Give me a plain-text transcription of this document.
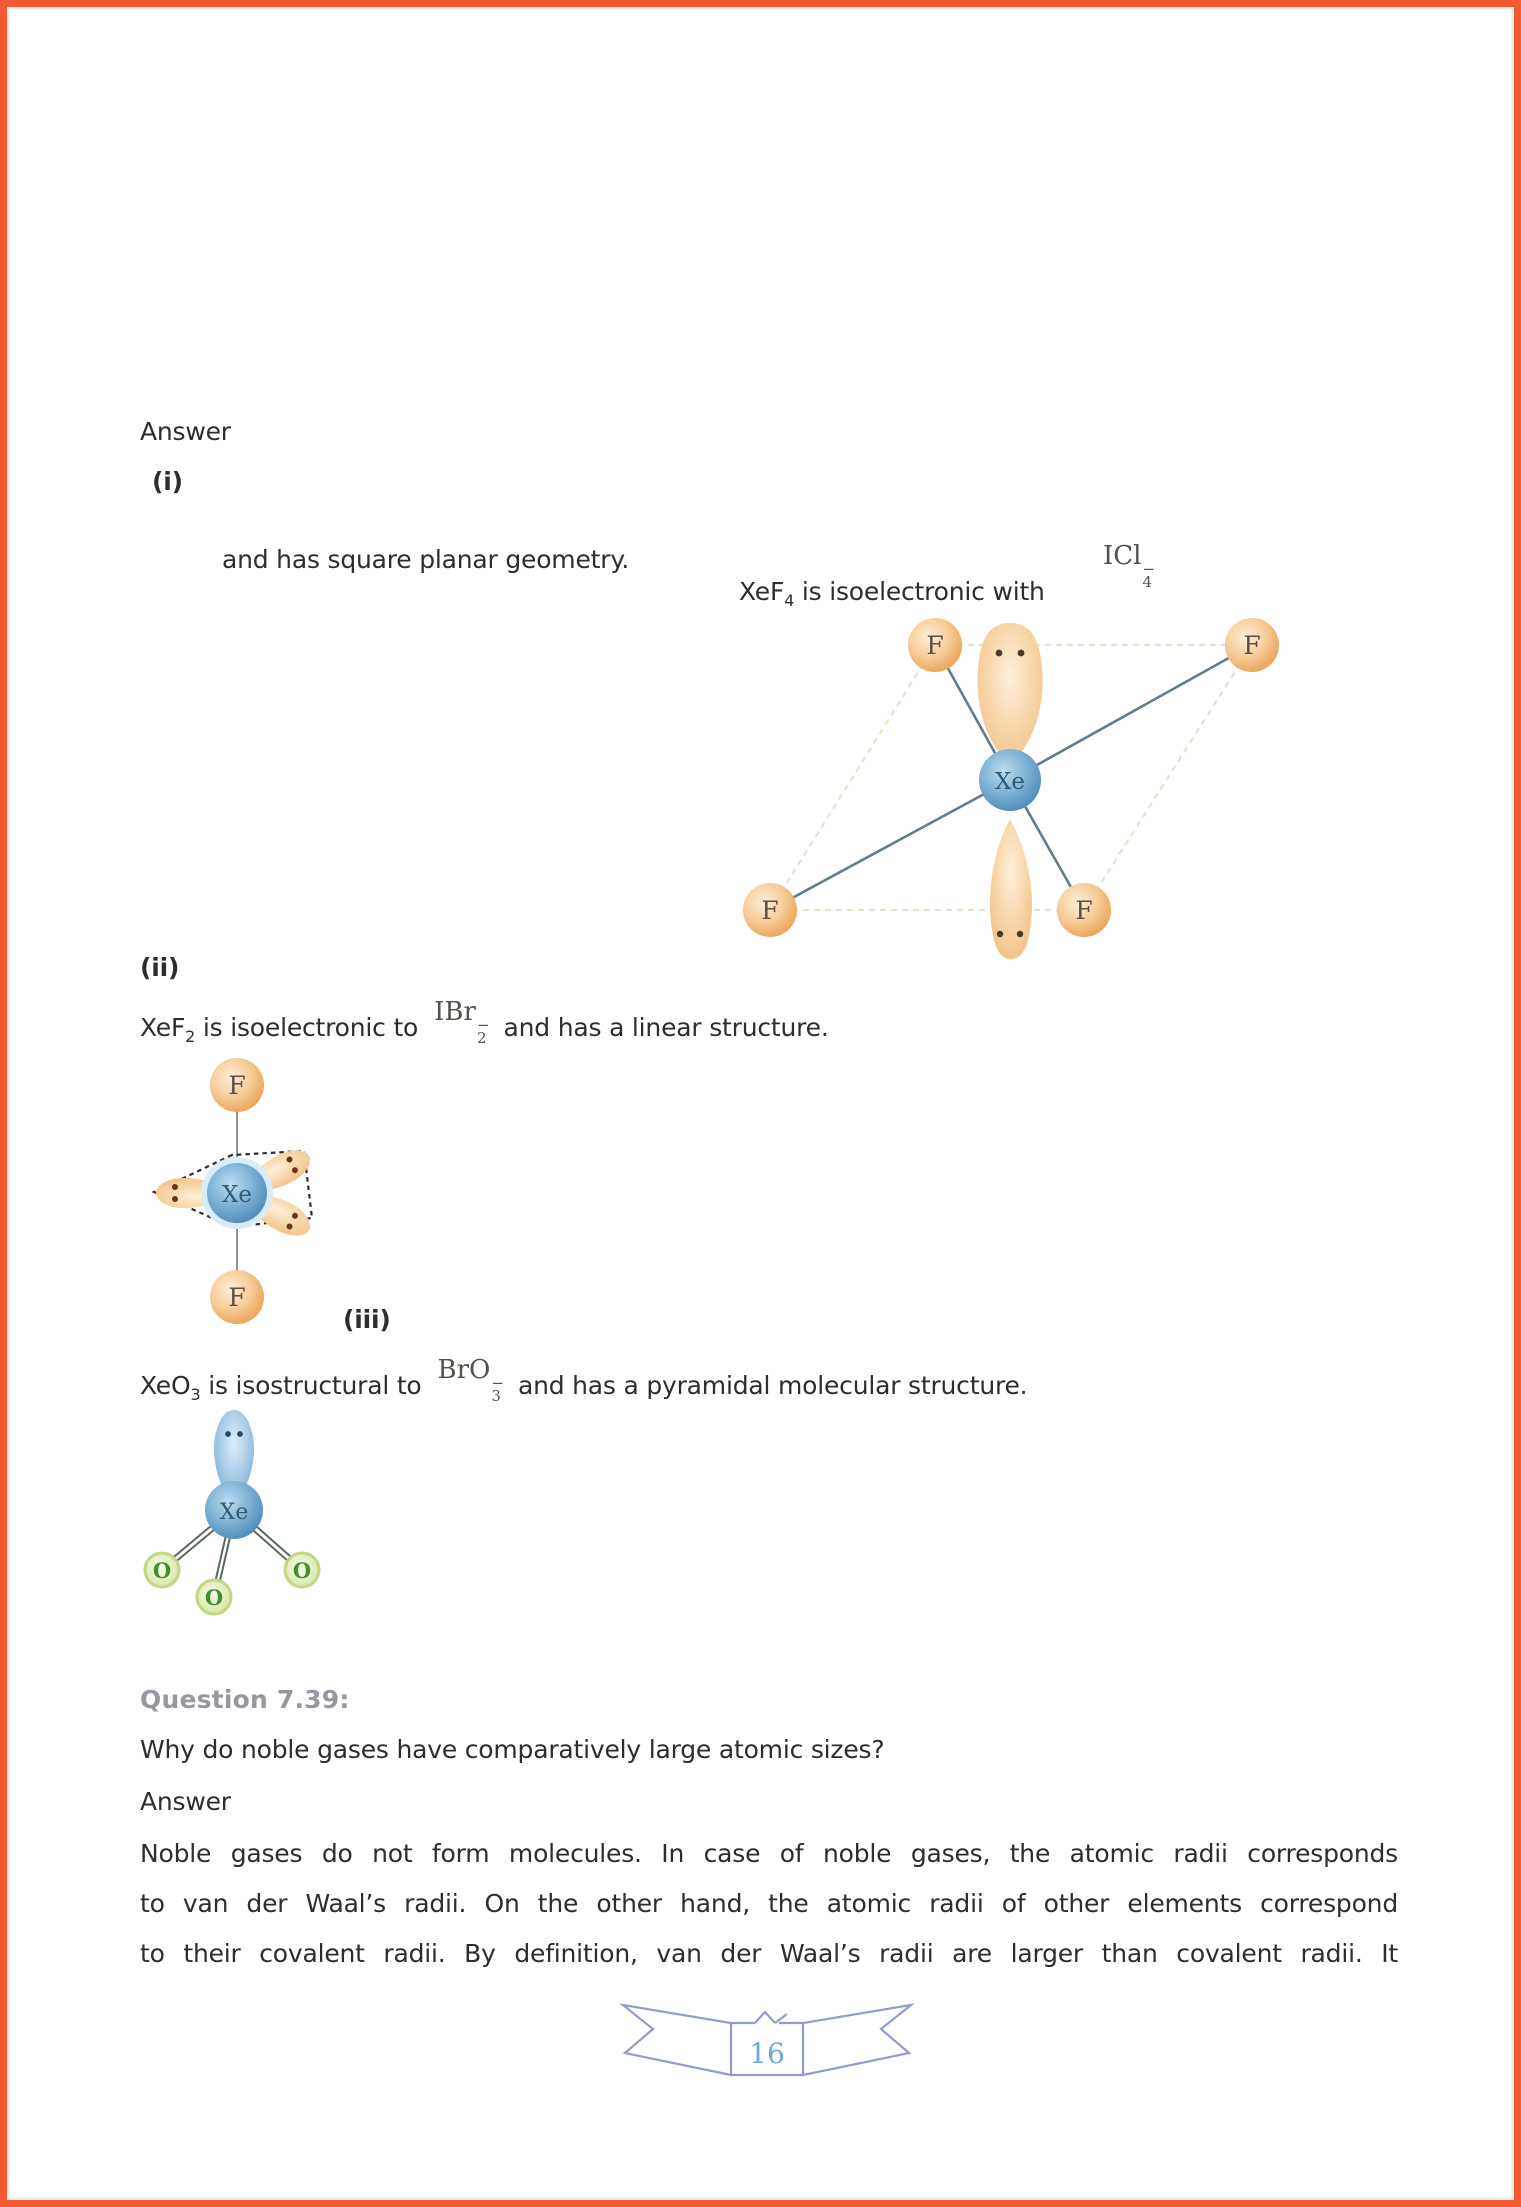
Answer
(i)
and has square planar geometry.
XeF$_4$ is isoelectronic with
ICl −
4
F	F
F	F
Xe
(ii)
XeF$_2$ is isoelectronic to
IBr −
2 and has a linear structure.
Xe
F
F
(iii)
XeO$_3$ is isostructural to
BrO −
3 and has a pyramidal molecular structure.
Xe
O
O
O
Question 7.39:
Why do noble gases have comparatively large atomic sizes?
Answer
Noble gases do not form molecules. In case of noble gases, the atomic radii corresponds
to van der Waal’s radii. On the other hand, the atomic radii of other elements correspond
to their covalent radii. By definition, van der Waal’s radii are larger than covalent radii. It
16
